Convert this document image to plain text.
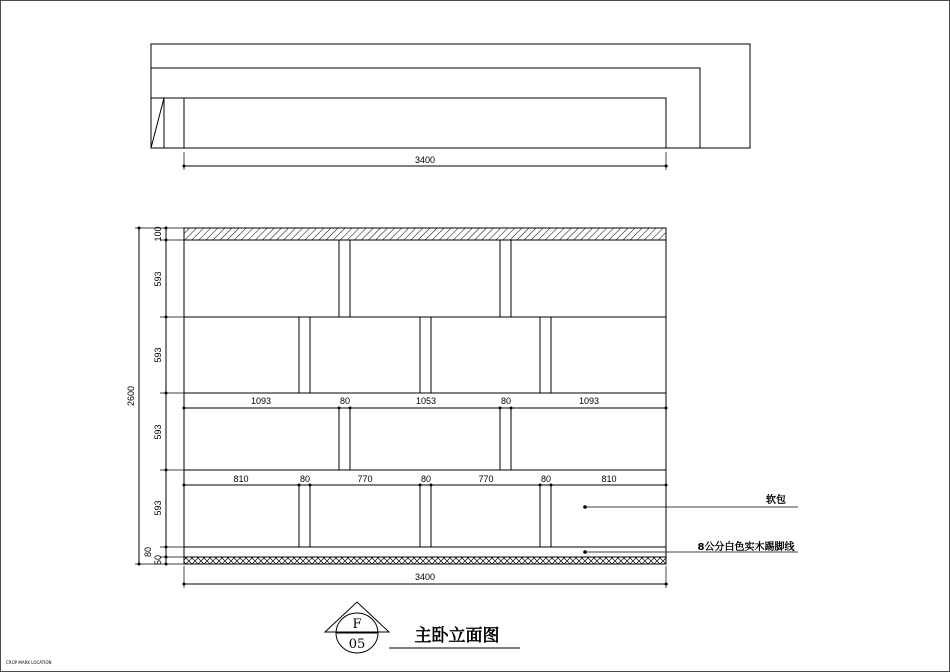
3400
1093	80	1053	80	1093
810	80	770	80	770	80	810
100
593
593
593
593
80
50
2600
3400
软包
8公分白色实木踢脚线
F
05	主卧立面图
CROP MARK LOCATION
